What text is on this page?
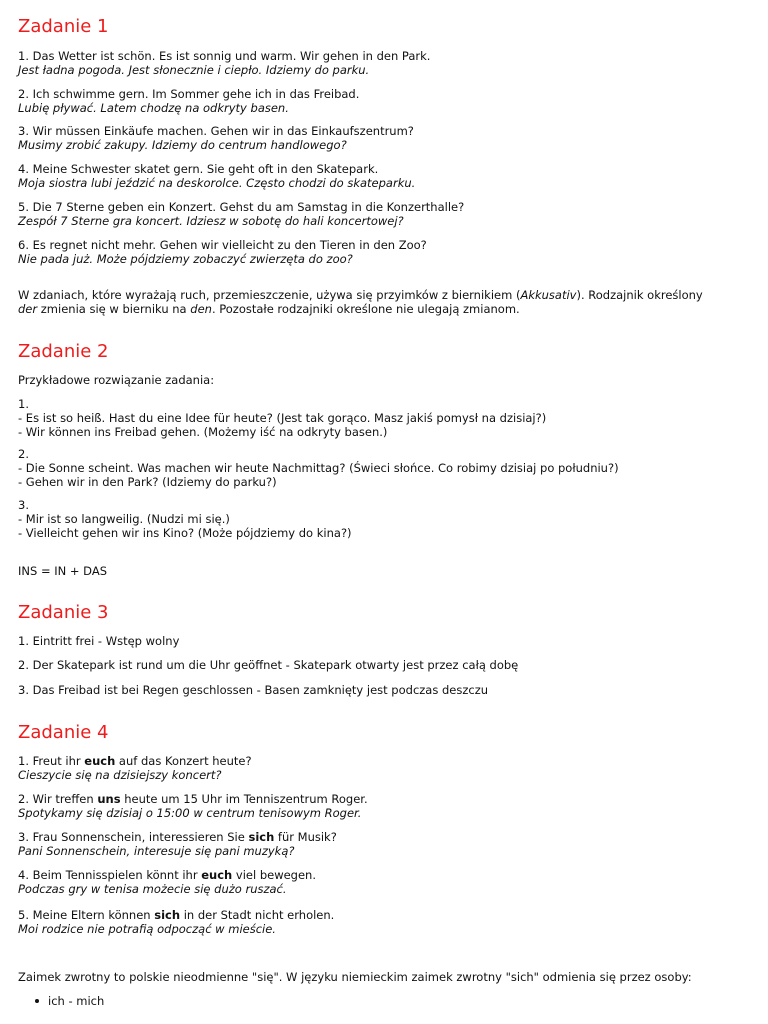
Zadanie 1

1. Das Wetter ist schön. Es ist sonnig und warm. Wir gehen in den Park.

Jest ładna pogoda. Jest słonecznie i ciepło. Idziemy do parku.

2. Ich schwimme gern. Im Sommer gehe ich in das Freibad.

Lubię pływać. Latem chodzę na odkryty basen.

3. Wir müssen Einkäufe machen. Gehen wir in das Einkaufszentrum?

Musimy zrobić zakupy. Idziemy do centrum handlowego?

4. Meine Schwester skatet gern. Sie geht oft in den Skatepark.

Moja siostra lubi jeździć na deskorolce. Często chodzi do skateparku.

5. Die 7 Sterne geben ein Konzert. Gehst du am Samstag in die Konzerthalle?

Zespół 7 Sterne gra koncert. Idziesz w sobotę do hali koncertowej?

6. Es regnet nicht mehr. Gehen wir vielleicht zu den Tieren in den Zoo?

Nie pada już. Może pójdziemy zobaczyć zwierzęta do zoo?

W zdaniach, które wyrażają ruch, przemieszczenie, używa się przyimków z biernikiem (Akkusativ). Rodzajnik określony
der zmienia się w bierniku na den. Pozostałe rodzajniki określone nie ulegają zmianom.

Zadanie 2

Przykładowe rozwiązanie zadania:

1.

- Es ist so heiß. Hast du eine Idee für heute? (Jest tak gorąco. Masz jakiś pomysł na dzisiaj?)

- Wir können ins Freibad gehen. (Możemy iść na odkryty basen.)

2.

- Die Sonne scheint. Was machen wir heute Nachmittag? (Świeci słońce. Co robimy dzisiaj po południu?)

- Gehen wir in den Park? (Idziemy do parku?)

3.

- Mir ist so langweilig. (Nudzi mi się.)

- Vielleicht gehen wir ins Kino? (Może pójdziemy do kina?)

INS = IN + DAS

Zadanie 3

1. Eintritt frei - Wstęp wolny

2. Der Skatepark ist rund um die Uhr geöffnet - Skatepark otwarty jest przez całą dobę

3. Das Freibad ist bei Regen geschlossen - Basen zamknięty jest podczas deszczu

Zadanie 4

1. Freut ihr euch auf das Konzert heute?

Cieszycie się na dzisiejszy koncert?

2. Wir treffen uns heute um 15 Uhr im Tenniszentrum Roger.

Spotykamy się dzisiaj o 15:00 w centrum tenisowym Roger.

3. Frau Sonnenschein, interessieren Sie sich für Musik?

Pani Sonnenschein, interesuje się pani muzyką?

4. Beim Tennisspielen könnt ihr euch viel bewegen.

Podczas gry w tenisa możecie się dużo ruszać.

5. Meine Eltern können sich in der Stadt nicht erholen.

Moi rodzice nie potrafią odpocząć w mieście.

Zaimek zwrotny to polskie nieodmienne "się". W języku niemieckim zaimek zwrotny "sich" odmienia się przez osoby:

ich - mich
